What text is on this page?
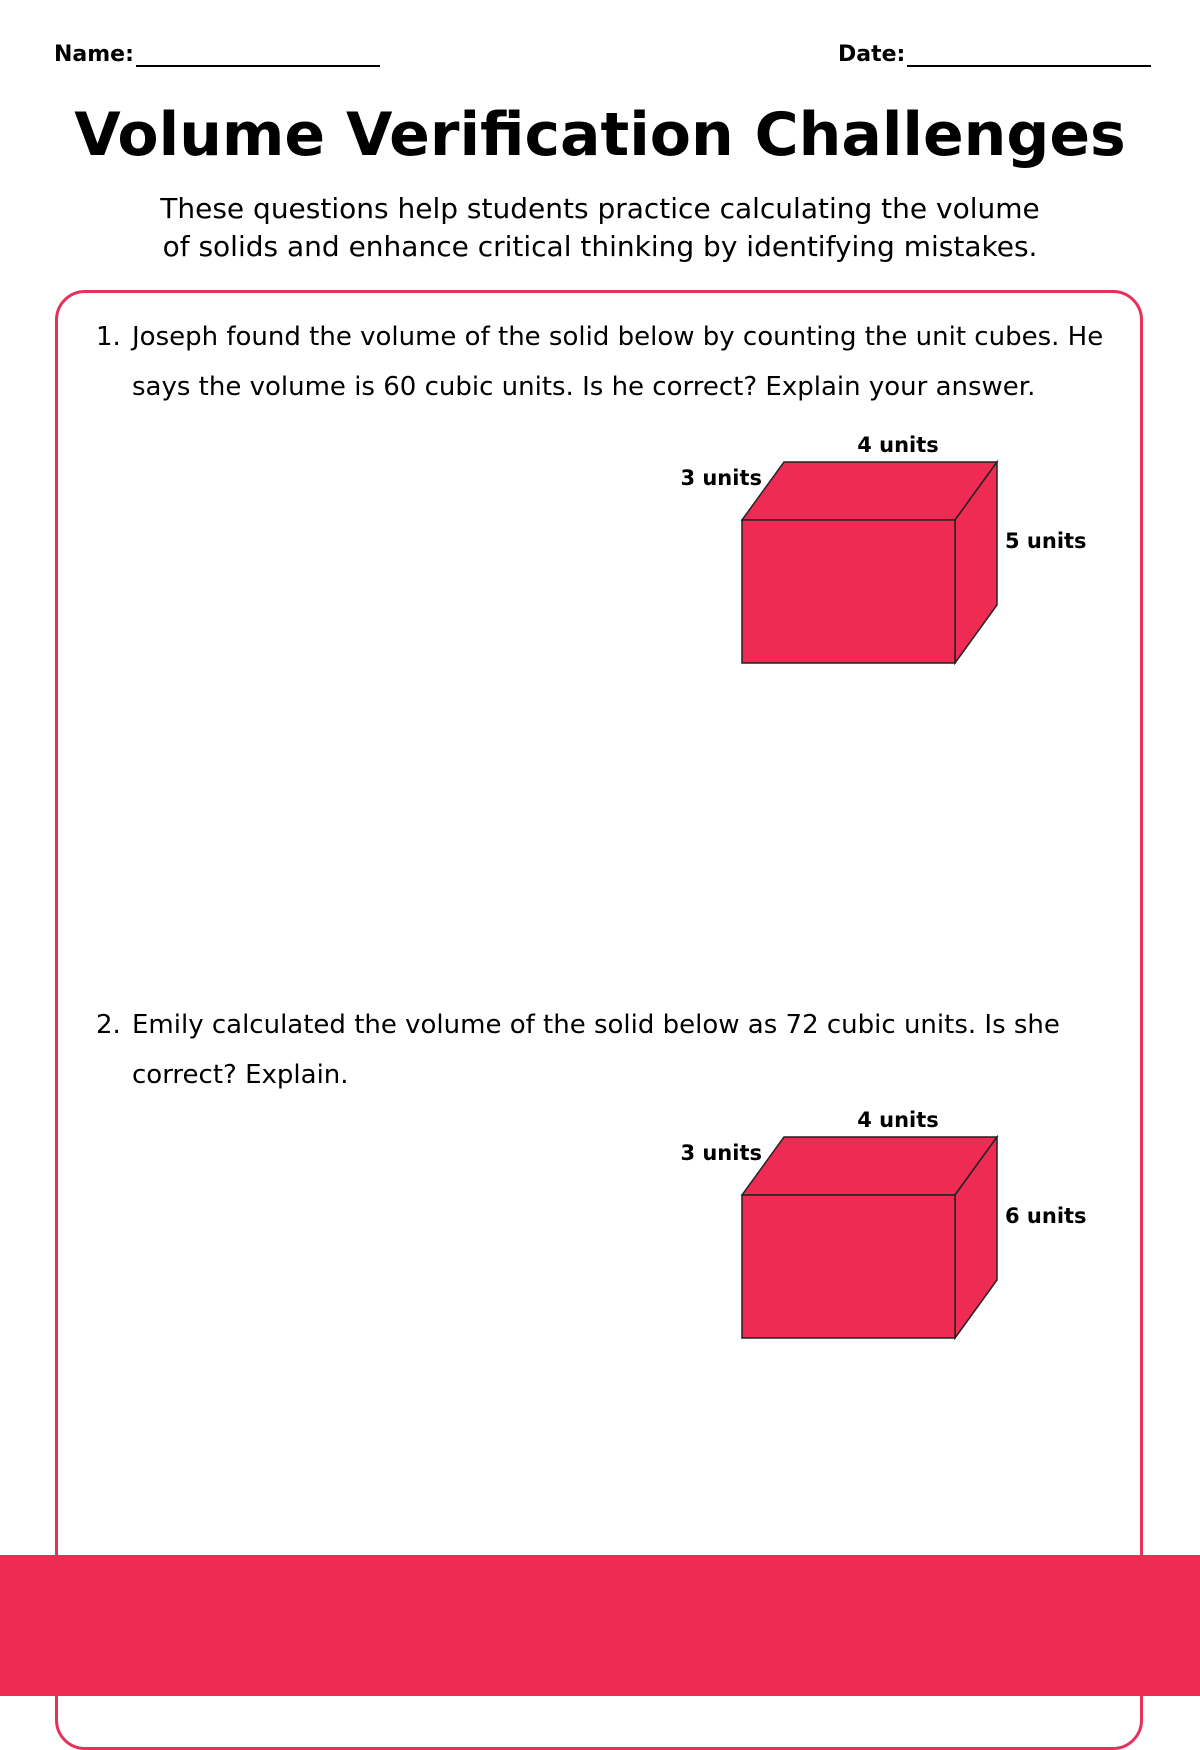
Name:	Date:
Volume Verification Challenges

These questions help students practice calculating the volume
of solids and enhance critical thinking by identifying mistakes.

1. Joseph found the volume of the solid below by counting the unit cubes. He says the volume is 60 cubic units. Is he correct? Explain your answer.
4 units
3 units
5 units
2. Emily calculated the volume of the solid below as 72 cubic units. Is she correct? Explain.
4 units
3 units
6 units
